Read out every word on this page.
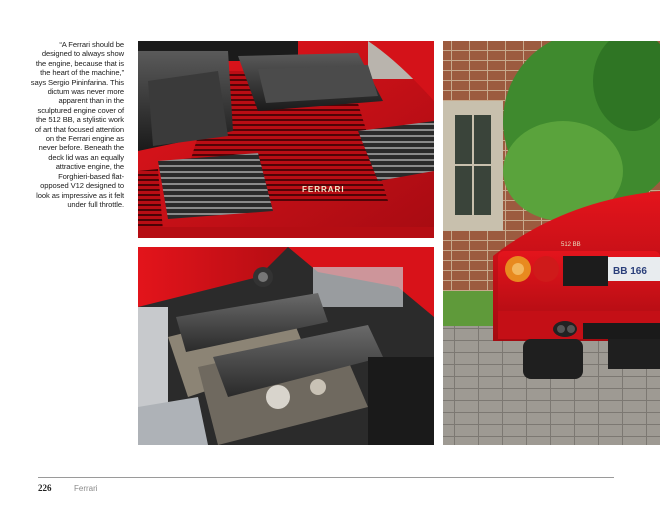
“A Ferrari should be designed to always show the engine, because that is the heart of the machine,” says Sergio Pininfarina. This dictum was never more apparent than in the sculptured engine cover of the 512 BB, a stylistic work of art that focused attention on the Ferrari engine as never before. Beneath the deck lid was an equally attractive engine, the Forghieri-based flat-opposed V12 designed to look as impressive as it felt under full throttle.
FERRARI
BB 166
512 BB
226	Ferrari
